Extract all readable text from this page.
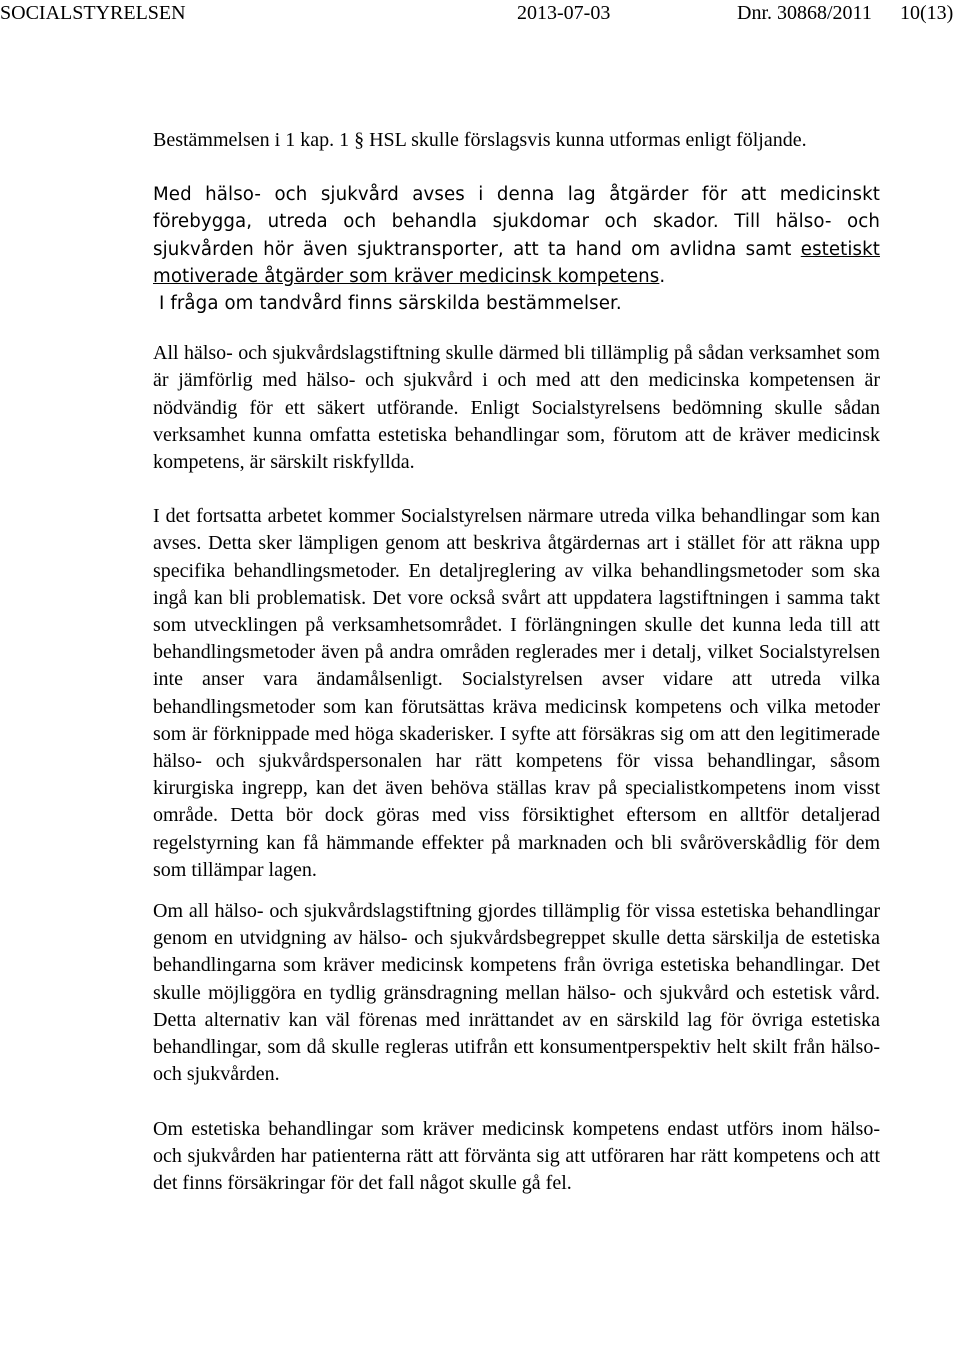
SOCIALSTYRELSEN	2013-07-03	Dnr. 30868/2011 10(13)

Bestämmelsen i 1 kap. 1 § HSL skulle förslagsvis kunna utformas enligt följande.

Med hälso- och sjukvård avses i denna lag åtgärder för att medicinskt förebygga, utreda och behandla sjukdomar och skador. Till hälso- och sjukvården hör även sjuktransporter, att ta hand om avlidna samt estetiskt motiverade åtgärder som kräver medicinsk kompetens.

I fråga om tandvård finns särskilda bestämmelser.

All hälso- och sjukvårdslagstiftning skulle därmed bli tillämplig på sådan verksamhet som är jämförlig med hälso- och sjukvård i och med att den medicinska kompetensen är nödvändig för ett säkert utförande. Enligt Socialstyrelsens bedömning skulle sådan verksamhet kunna omfatta estetiska behandlingar som, förutom att de kräver medicinsk kompetens, är särskilt riskfyllda.

I det fortsatta arbetet kommer Socialstyrelsen närmare utreda vilka behandlingar som kan avses. Detta sker lämpligen genom att beskriva åtgärdernas art i stället för att räkna upp specifika behandlingsmetoder. En detaljreglering av vilka behandlingsmetoder som ska ingå kan bli problematisk. Det vore också svårt att uppdatera lagstiftningen i samma takt som utvecklingen på verksamhetsområdet. I förlängningen skulle det kunna leda till att behandlingsmetoder även på andra områden reglerades mer i detalj, vilket Socialstyrelsen inte anser vara ändamålsenligt. Socialstyrelsen avser vidare att utreda vilka behandlingsmetoder som kan förutsättas kräva medicinsk kompetens och vilka metoder som är förknippade med höga skaderisker. I syfte att försäkras sig om att den legitimerade hälso- och sjukvårdspersonalen har rätt kompetens för vissa behandlingar, såsom kirurgiska ingrepp, kan det även behöva ställas krav på specialistkompetens inom visst område. Detta bör dock göras med viss försiktighet eftersom en alltför detaljerad regelstyrning kan få hämmande effekter på marknaden och bli svåröverskådlig för dem som tillämpar lagen.

Om all hälso- och sjukvårdslagstiftning gjordes tillämplig för vissa estetiska behandlingar genom en utvidgning av hälso- och sjukvårdsbegreppet skulle detta särskilja de estetiska behandlingarna som kräver medicinsk kompetens från övriga estetiska behandlingar. Det skulle möjliggöra en tydlig gränsdragning mellan hälso- och sjukvård och estetisk vård. Detta alternativ kan väl förenas med inrättandet av en särskild lag för övriga estetiska behandlingar, som då skulle regleras utifrån ett konsumentperspektiv helt skilt från hälso- och sjukvården.

Om estetiska behandlingar som kräver medicinsk kompetens endast utförs inom hälso- och sjukvården har patienterna rätt att förvänta sig att utföraren har rätt kompetens och att det finns försäkringar för det fall något skulle gå fel.
